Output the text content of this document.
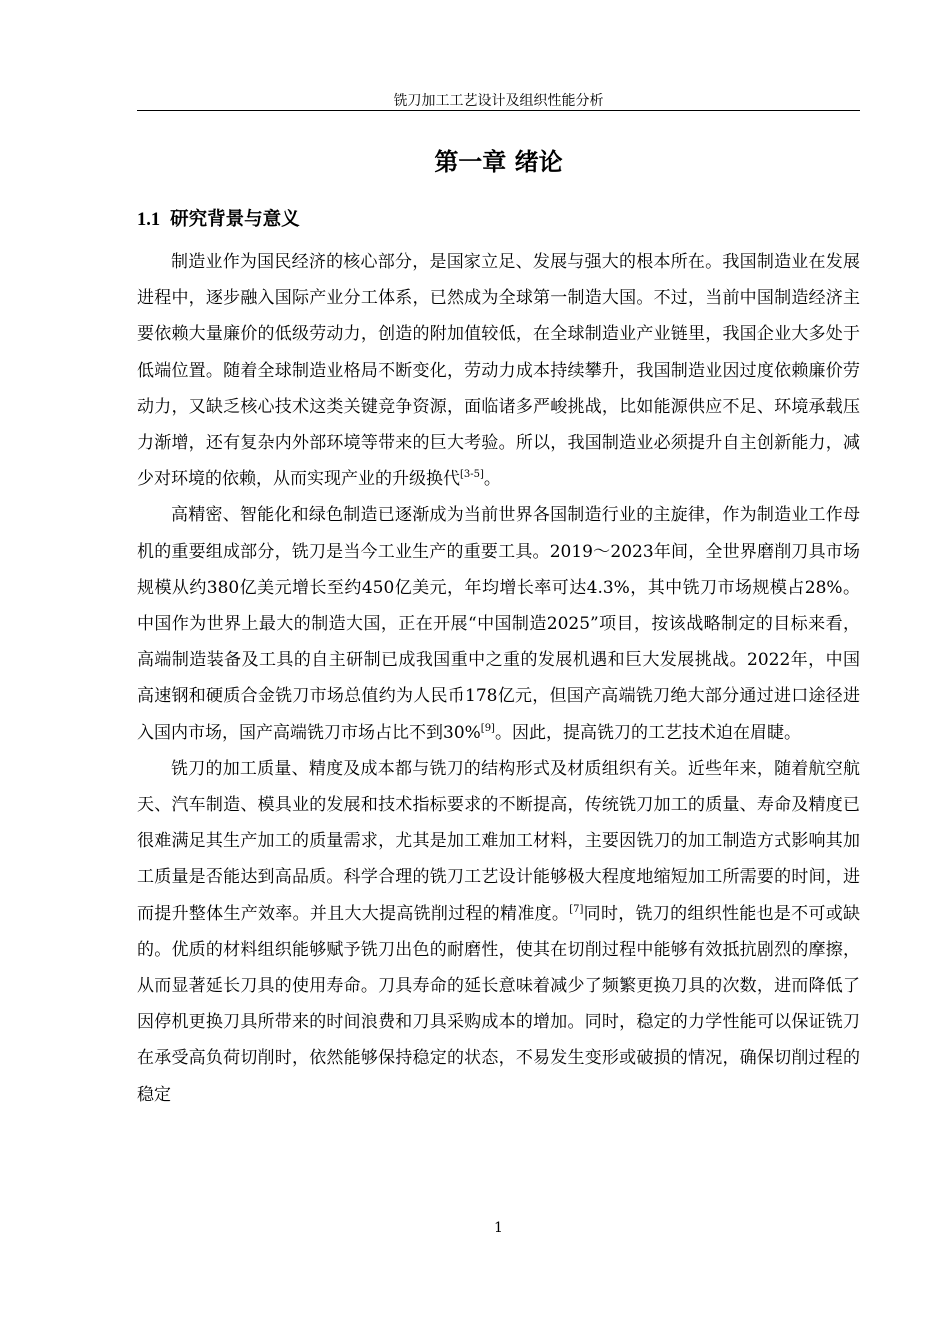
铣刀加工工艺设计及组织性能分析
第一章 绪论
1.1 研究背景与意义

制造业作为国民经济的核心部分，是国家立足、发展与强大的根本所在。我国制造业在发展进程中，逐步融入国际产业分工体系，已然成为全球第一制造大国。不过，当前中国制造经济主要依赖大量廉价的低级劳动力，创造的附加值较低，在全球制造业产业链里，我国企业大多处于低端位置。随着全球制造业格局不断变化，劳动力成本持续攀升，我国制造业因过度依赖廉价劳动力，又缺乏核心技术这类关键竞争资源，面临诸多严峻挑战，比如能源供应不足、环境承载压力渐增，还有复杂内外部环境等带来的巨大考验。所以，我国制造业必须提升自主创新能力，减少对环境的依赖，从而实现产业的升级换代[3-5]。

高精密、智能化和绿色制造已逐渐成为当前世界各国制造行业的主旋律，作为制造业工作母机的重要组成部分，铣刀是当今工业生产的重要工具。2019～2023年间，全世界磨削刀具市场规模从约380亿美元增长至约450亿美元，年均增长率可达4.3%，其中铣刀市场规模占28%。中国作为世界上最大的制造大国，正在开展“中国制造2025”项目，按该战略制定的目标来看，高端制造装备及工具的自主研制已成我国重中之重的发展机遇和巨大发展挑战。2022年，中国高速钢和硬质合金铣刀市场总值约为人民币178亿元，但国产高端铣刀绝大部分通过进口途径进入国内市场，国产高端铣刀市场占比不到30%[9]。因此，提高铣刀的工艺技术迫在眉睫。

铣刀的加工质量、精度及成本都与铣刀的结构形式及材质组织有关。近些年来，随着航空航天、汽车制造、模具业的发展和技术指标要求的不断提高，传统铣刀加工的质量、寿命及精度已很难满足其生产加工的质量需求，尤其是加工难加工材料，主要因铣刀的加工制造方式影响其加工质量是否能达到高品质。科学合理的铣刀工艺设计能够极大程度地缩短加工所需要的时间，进而提升整体生产效率。并且大大提高铣削过程的精准度。[7]同时，铣刀的组织性能也是不可或缺的。优质的材料组织能够赋予铣刀出色的耐磨性，使其在切削过程中能够有效抵抗剧烈的摩擦，从而显著延长刀具的使用寿命。刀具寿命的延长意味着减少了频繁更换刀具的次数，进而降低了因停机更换刀具所带来的时间浪费和刀具采购成本的增加。同时，稳定的力学性能可以保证铣刀在承受高负荷切削时，依然能够保持稳定的状态，不易发生变形或破损的情况，确保切削过程的稳定

1
